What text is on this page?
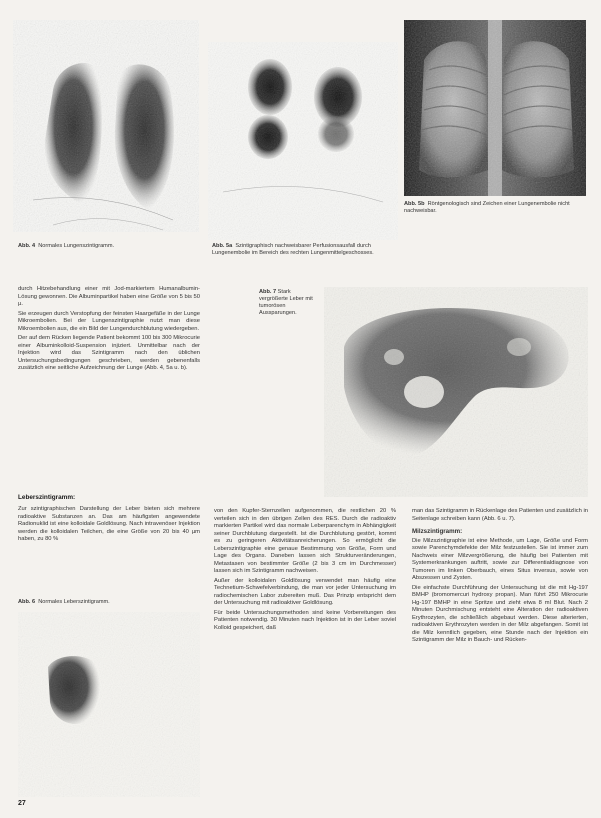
Abb. 4 Normales Lungenszintigramm.	Abb. 5a Szintigraphisch nachweisbarer Perfusionsausfall durch Lungenembolie im Bereich des rechten Lungenmittelgeschosses.
Abb. 5b Röntgenologisch sind Zeichen einer Lungenembolie nicht nachweisbar.

durch Hitzebehandlung einer mit Jod-markiertem Humanalbumin-Lösung gewonnen. Die Albuminpartikel haben eine Größe von 5 bis 50 µ.

Sie erzeugen durch Verstopfung der feinsten Haargefäße in der Lunge Mikroembolien. Bei der Lungenszintigraphie nutzt man diese Mikroembolien aus, die ein Bild der Lungendurchblutung wiedergeben.

Der auf dem Rücken liegende Patient bekommt 100 bis 300 Mikrocurie einer Albuminkolloid-Suspension injiziert. Unmittelbar nach der Injektion wird das Szintigramm nach den üblichen Untersuchungsbedingungen geschrieben, werden gebenenfalls zusätzlich eine seitliche Aufzeichnung der Lunge (Abb. 4, 5a u. b).

Abb. 7 Stark vergrößerte Leber mit tumorösen Aussparungen.
Leberszintigramm:
Zur szintigraphischen Darstellung der Leber bieten sich mehrere radioaktive Substanzen an. Das am häufigsten angewendete Radionuklid ist eine kolloidale Goldlösung. Nach intravenöser Injektion werden die kolloidalen Teilchen, die eine Größe von 20 bis 40 µm haben, zu 80 %
Abb. 6 Normales Leberszintigramm.

von den Kupfer-Sternzellen aufgenommen, die restlichen 20 % verteilen sich in den übrigen Zellen des RES. Durch die radioaktiv markierten Partikel wird das normale Leberparenchym in Abhängigkeit seiner Durchblutung dargestellt. Ist die Durchblutung gestört, kommt es zu geringeren Aktivitätsanreicherungen. So ermöglicht die Leberszintigraphie eine genaue Bestimmung von Größe, Form und Lage des Organs. Daneben lassen sich Strukturveränderungen, Metastasen von bestimmter Größe (2 bis 3 cm im Durchmesser) lassen sich im Szintigramm nachweisen.

Außer der kolloidalen Goldlösung verwendet man häufig eine Technetium-Schwefelverbindung, die man vor jeder Untersuchung im radiochemischen Labor zubereiten muß. Das Prinzip entspricht dem der Untersuchung mit radioaktiver Goldlösung.

Für beide Untersuchungsmethoden sind keine Vorbereitungen des Patienten notwendig. 30 Minuten nach Injektion ist in der Leber soviel Kolloid gespeichert, daß

man das Szintigramm in Rückenlage des Patienten und zusätzlich in Seitenlage schreiben kann (Abb. 6 u. 7).

Milzszintigramm:

Die Milzszintigraphie ist eine Methode, um Lage, Größe und Form sowie Parenchymdefekte der Milz festzustellen. Sie ist immer zum Nachweis einer Milzvergrößerung, die häufig bei Patienten mit Systemerkrankungen auftritt, sowie zur Differentialdiagnose von Tumoren im linken Oberbauch, eines Situs inversus, sowie von Abszessen und Zysten.

Die einfachste Durchführung der Untersuchung ist die mit Hg-197 BMHP (bromomercuri hydroxy propan). Man führt 250 Mikrocurie Hg-197 BMHP in eine Spritze und zieht etwa 8 ml Blut. Nach 2 Minuten Durchmischung entsteht eine Alteration der radioaktiven Erythrozyten, die schließlich abgebaut werden. Diese alterierten, radioaktiven Erythrozyten werden in der Milz abgefangen. Somit ist die Milz kenntlich gegeben, eine Stunde nach der Injektion ein Szintigramm der Milz in Bauch- und Rücken-

27
